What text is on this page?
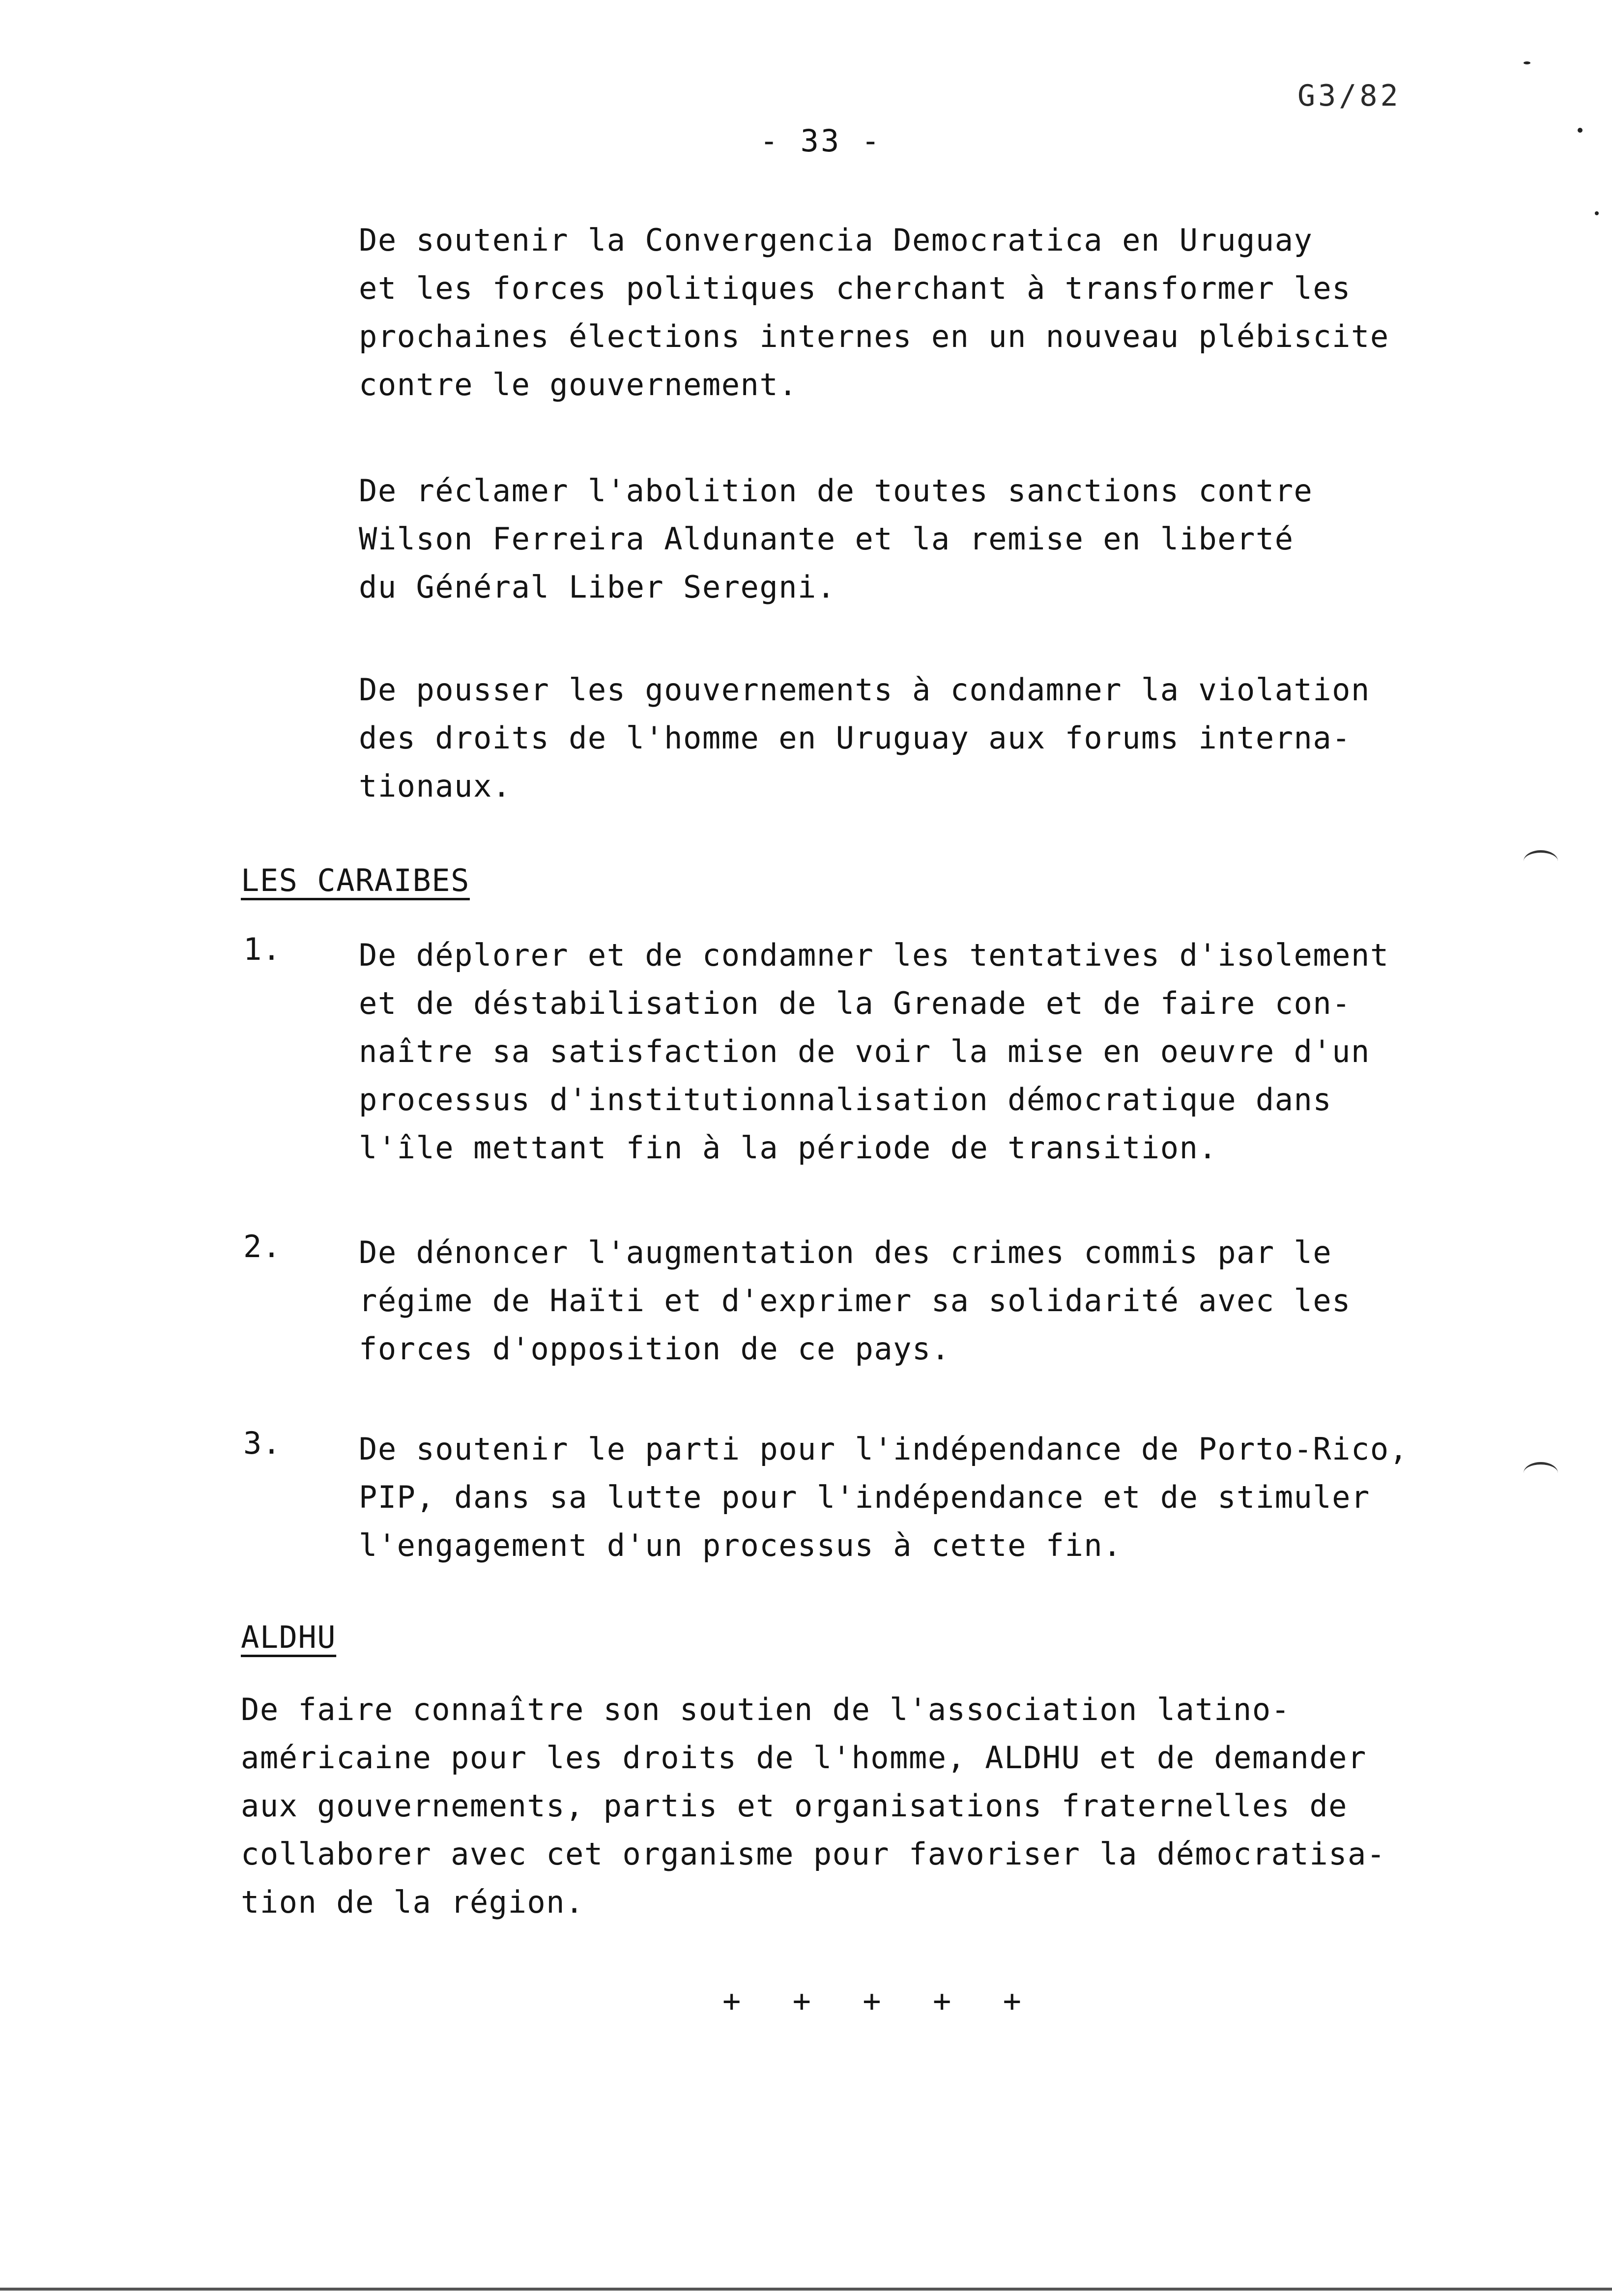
G3/82
- 33 -
De soutenir la Convergencia Democratica en Uruguay
et les forces politiques cherchant à transformer les
prochaines élections internes en un nouveau plébiscite
contre le gouvernement.
De réclamer l'abolition de toutes sanctions contre
Wilson Ferreira Aldunante et la remise en liberté
du Général Liber Seregni.
De pousser les gouvernements à condamner la violation
des droits de l'homme en Uruguay aux forums interna-
tionaux.
LES CARAIBES
1.	De déplorer et de condamner les tentatives d'isolement
et de déstabilisation de la Grenade et de faire con-
naître sa satisfaction de voir la mise en oeuvre d'un
processus d'institutionnalisation démocratique dans
l'île mettant fin à la période de transition.
2.	De dénoncer l'augmentation des crimes commis par le
régime de Haïti et d'exprimer sa solidarité avec les
forces d'opposition de ce pays.
3.	De soutenir le parti pour l'indépendance de Porto-Rico,
PIP, dans sa lutte pour l'indépendance et de stimuler
l'engagement d'un processus à cette fin.
ALDHU
De faire connaître son soutien de l'association latino-
américaine pour les droits de l'homme, ALDHU et de demander
aux gouvernements, partis et organisations fraternelles de
collaborer avec cet organisme pour favoriser la démocratisa-
tion de la région.
+ + + + +
